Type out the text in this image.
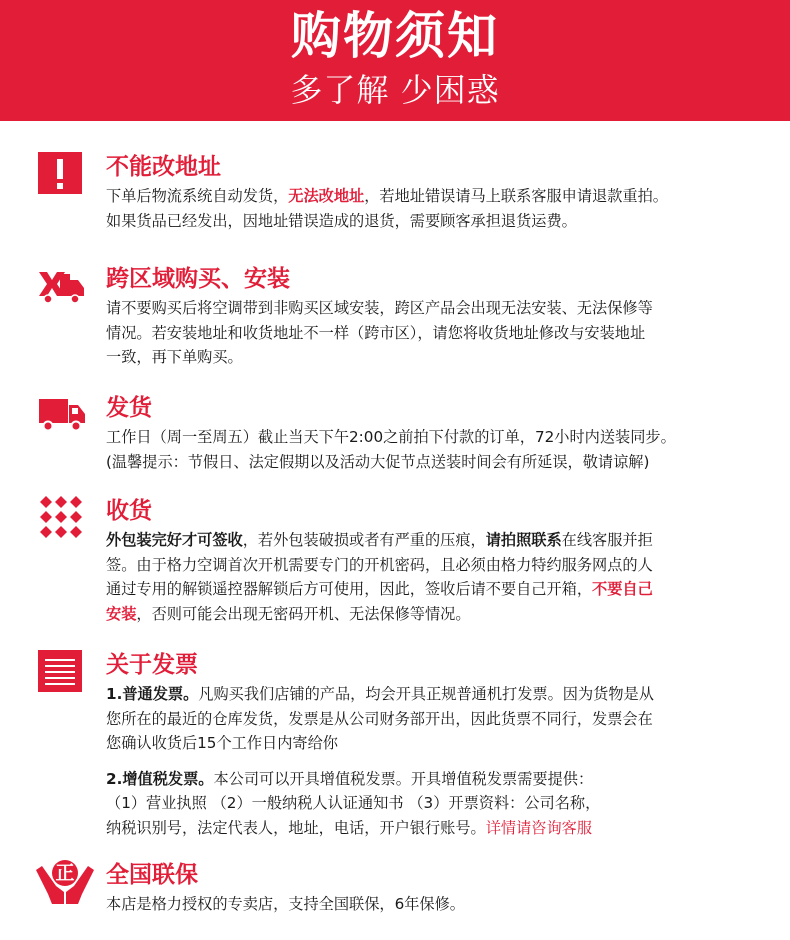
购物须知
多了解 少困惑
不能改地址

下单后物流系统自动发货，无法改地址，若地址错误请马上联系客服申请退款重拍。

如果货品已经发出，因地址错误造成的退货，需要顾客承担退货运费。

跨区域购买、安装

请不要购买后将空调带到非购买区域安装，跨区产品会出现无法安装、无法保修等

情况。若安装地址和收货地址不一样（跨市区），请您将收货地址修改与安装地址

一致，再下单购买。

发货

工作日（周一至周五）截止当天下午2:00之前拍下付款的订单，72小时内送装同步。

(温馨提示：节假日、法定假期以及活动大促节点送装时间会有所延误，敬请谅解)

收货

外包装完好才可签收，若外包装破损或者有严重的压痕，请拍照联系在线客服并拒

签。由于格力空调首次开机需要专门的开机密码，且必须由格力特约服务网点的人

通过专用的解锁遥控器解锁后方可使用，因此，签收后请不要自己开箱，不要自己

安装，否则可能会出现无密码开机、无法保修等情况。

关于发票

1.普通发票。凡购买我们店铺的产品，均会开具正规普通机打发票。因为货物是从

您所在的最近的仓库发货，发票是从公司财务部开出，因此货票不同行，发票会在

您确认收货后15个工作日内寄给你

2.增值税发票。本公司可以开具增值税发票。开具增值税发票需要提供：

（1）营业执照 （2）一般纳税人认证通知书 （3）开票资料：公司名称，

纳税识别号，法定代表人，地址，电话，开户银行账号。详情请咨询客服

正 全国联保

本店是格力授权的专卖店，支持全国联保，6年保修。
